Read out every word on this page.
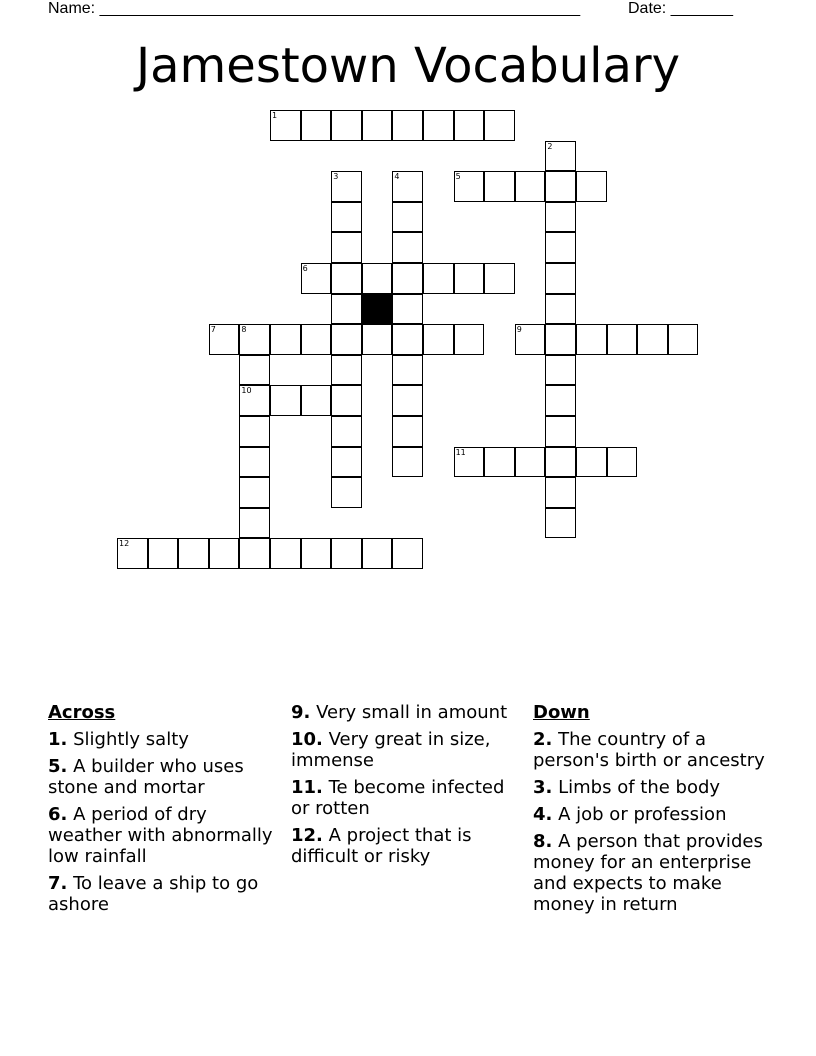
Name: ______________________________________________________	Date: _______
Jamestown Vocabulary
1
2
3	4	5
6
7	8
10
9
11
12
Across
1. Slightly salty
5. A builder who uses stone and mortar
6. A period of dry weather with abnormally low rainfall
7. To leave a ship to go ashore
9. Very small in amount
10. Very great in size, immense
11. Te become infected or rotten
12. A project that is difficult or risky
Down
2. The country of a person's birth or ancestry
3. Limbs of the body
4. A job or profession
8. A person that provides money for an enterprise and expects to make money in return
